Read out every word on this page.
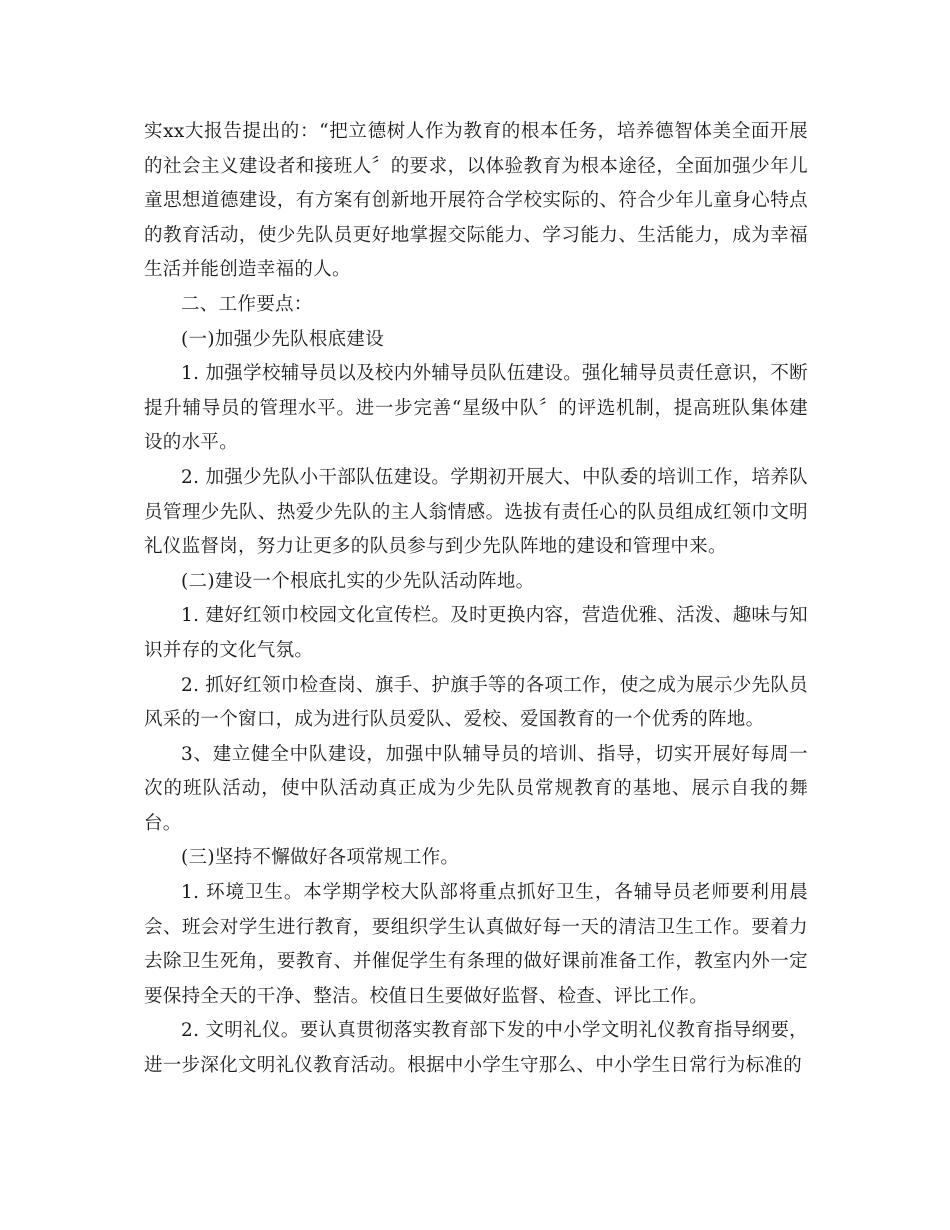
实xx大报告提出的：“把立德树人作为教育的根本任务，培养德智体美全面开展的社会主义建设者和接班人〞的要求，以体验教育为根本途径，全面加强少年儿童思想道德建设，有方案有创新地开展符合学校实际的、符合少年儿童身心特点的教育活动，使少先队员更好地掌握交际能力、学习能力、生活能力，成为幸福生活并能创造幸福的人。

二、工作要点：

(一)加强少先队根底建设

1. 加强学校辅导员以及校内外辅导员队伍建设。强化辅导员责任意识，不断提升辅导员的管理水平。进一步完善“星级中队〞的评选机制，提高班队集体建设的水平。

2. 加强少先队小干部队伍建设。学期初开展大、中队委的培训工作，培养队员管理少先队、热爱少先队的主人翁情感。选拔有责任心的队员组成红领巾文明礼仪监督岗，努力让更多的队员参与到少先队阵地的建设和管理中来。

(二)建设一个根底扎实的少先队活动阵地。

1. 建好红领巾校园文化宣传栏。及时更换内容，营造优雅、活泼、趣味与知识并存的文化气氛。

2. 抓好红领巾检查岗、旗手、护旗手等的各项工作，使之成为展示少先队员风采的一个窗口，成为进行队员爱队、爱校、爱国教育的一个优秀的阵地。

3、建立健全中队建设，加强中队辅导员的培训、指导，切实开展好每周一次的班队活动，使中队活动真正成为少先队员常规教育的基地、展示自我的舞台。

(三)坚持不懈做好各项常规工作。

1. 环境卫生。本学期学校大队部将重点抓好卫生，各辅导员老师要利用晨会、班会对学生进行教育，要组织学生认真做好每一天的清洁卫生工作。要着力去除卫生死角，要教育、并催促学生有条理的做好课前准备工作，教室内外一定要保持全天的干净、整洁。校值日生要做好监督、检查、评比工作。

2. 文明礼仪。要认真贯彻落实教育部下发的中小学文明礼仪教育指导纲要，进一步深化文明礼仪教育活动。根据中小学生守那么、中小学生日常行为标准的
